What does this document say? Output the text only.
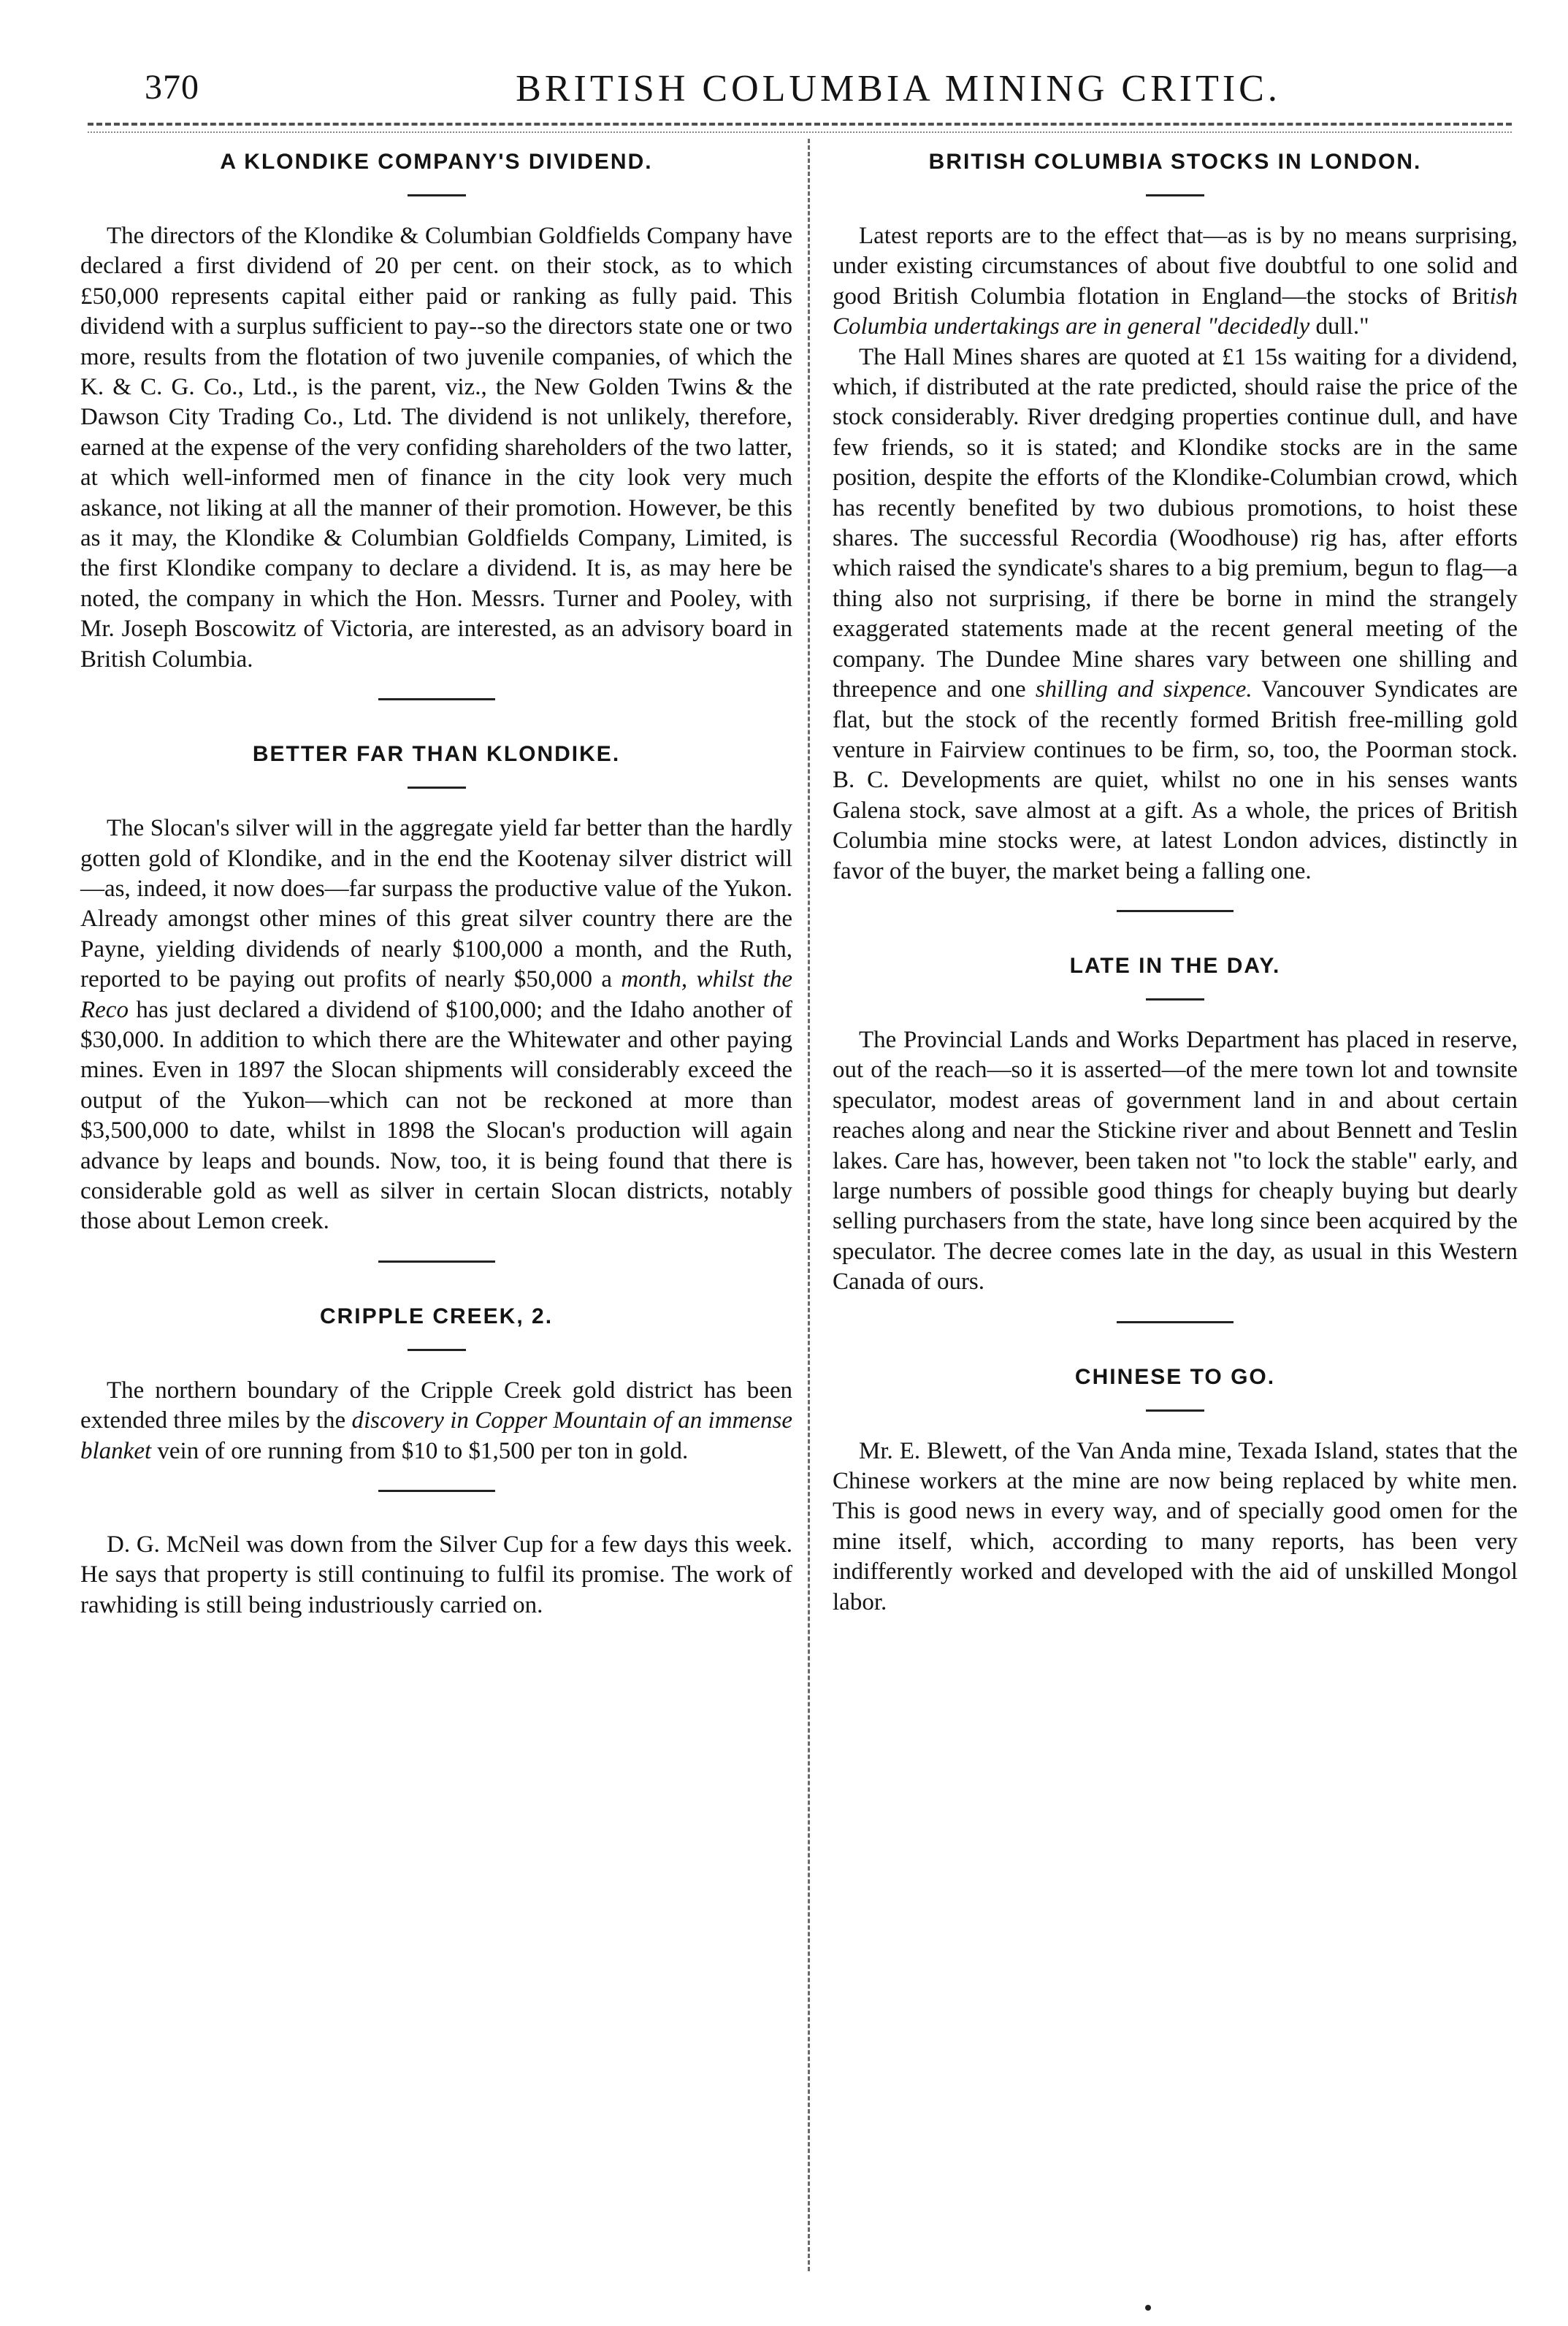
370	BRITISH COLUMBIA MINING CRITIC.
A KLONDIKE COMPANY'S DIVIDEND.

The directors of the Klondike & Columbian Goldfields Company have declared a first dividend of 20 per cent. on their stock, as to which £50,000 represents capital either paid or ranking as fully paid. This dividend with a surplus sufficient to pay--so the directors state one or two more, results from the flotation of two juvenile companies, of which the K. & C. G. Co., Ltd., is the parent, viz., the New Golden Twins & the Dawson City Trading Co., Ltd. The dividend is not unlikely, therefore, earned at the expense of the very confiding shareholders of the two latter, at which well-informed men of finance in the city look very much askance, not liking at all the manner of their promotion. However, be this as it may, the Klondike & Columbian Goldfields Company, Limited, is the first Klondike company to declare a dividend. It is, as may here be noted, the company in which the Hon. Messrs. Turner and Pooley, with Mr. Joseph Boscowitz of Victoria, are interested, as an advisory board in British Columbia.

BETTER FAR THAN KLONDIKE.

The Slocan's silver will in the aggregate yield far better than the hardly gotten gold of Klondike, and in the end the Kootenay silver district will—as, indeed, it now does—far surpass the productive value of the Yukon. Already amongst other mines of this great silver country there are the Payne, yielding dividends of nearly $100,000 a month, and the Ruth, reported to be paying out profits of nearly $50,000 a month, whilst the Reco has just declared a dividend of $100,000; and the Idaho another of $30,000. In addition to which there are the Whitewater and other paying mines. Even in 1897 the Slocan shipments will considerably exceed the output of the Yukon—which can not be reckoned at more than $3,500,000 to date, whilst in 1898 the Slocan's production will again advance by leaps and bounds. Now, too, it is being found that there is considerable gold as well as silver in certain Slocan districts, notably those about Lemon creek.

CRIPPLE CREEK, 2.

The northern boundary of the Cripple Creek gold district has been extended three miles by the discovery in Copper Mountain of an immense blanket vein of ore running from $10 to $1,500 per ton in gold.

D. G. McNeil was down from the Silver Cup for a few days this week. He says that property is still continuing to fulfil its promise. The work of rawhiding is still being industriously carried on.

BRITISH COLUMBIA STOCKS IN LONDON.

Latest reports are to the effect that—as is by no means surprising, under existing circumstances of about five doubtful to one solid and good British Columbia flotation in England—the stocks of British Columbia undertakings are in general "decidedly dull."

The Hall Mines shares are quoted at £1 15s waiting for a dividend, which, if distributed at the rate predicted, should raise the price of the stock considerably. River dredging properties continue dull, and have few friends, so it is stated; and Klondike stocks are in the same position, despite the efforts of the Klondike-Columbian crowd, which has recently benefited by two dubious promotions, to hoist these shares. The successful Recordia (Woodhouse) rig has, after efforts which raised the syndicate's shares to a big premium, begun to flag—a thing also not surprising, if there be borne in mind the strangely exaggerated statements made at the recent general meeting of the company. The Dundee Mine shares vary between one shilling and threepence and one shilling and sixpence. Vancouver Syndicates are flat, but the stock of the recently formed British free-milling gold venture in Fairview continues to be firm, so, too, the Poorman stock. B. C. Developments are quiet, whilst no one in his senses wants Galena stock, save almost at a gift. As a whole, the prices of British Columbia mine stocks were, at latest London advices, distinctly in favor of the buyer, the market being a falling one.

LATE IN THE DAY.

The Provincial Lands and Works Department has placed in reserve, out of the reach—so it is asserted—of the mere town lot and townsite speculator, modest areas of government land in and about certain reaches along and near the Stickine river and about Bennett and Teslin lakes. Care has, however, been taken not "to lock the stable" early, and large numbers of possible good things for cheaply buying but dearly selling purchasers from the state, have long since been acquired by the speculator. The decree comes late in the day, as usual in this Western Canada of ours.

CHINESE TO GO.

Mr. E. Blewett, of the Van Anda mine, Texada Island, states that the Chinese workers at the mine are now being replaced by white men. This is good news in every way, and of specially good omen for the mine itself, which, according to many reports, has been very indifferently worked and developed with the aid of unskilled Mongol labor.
